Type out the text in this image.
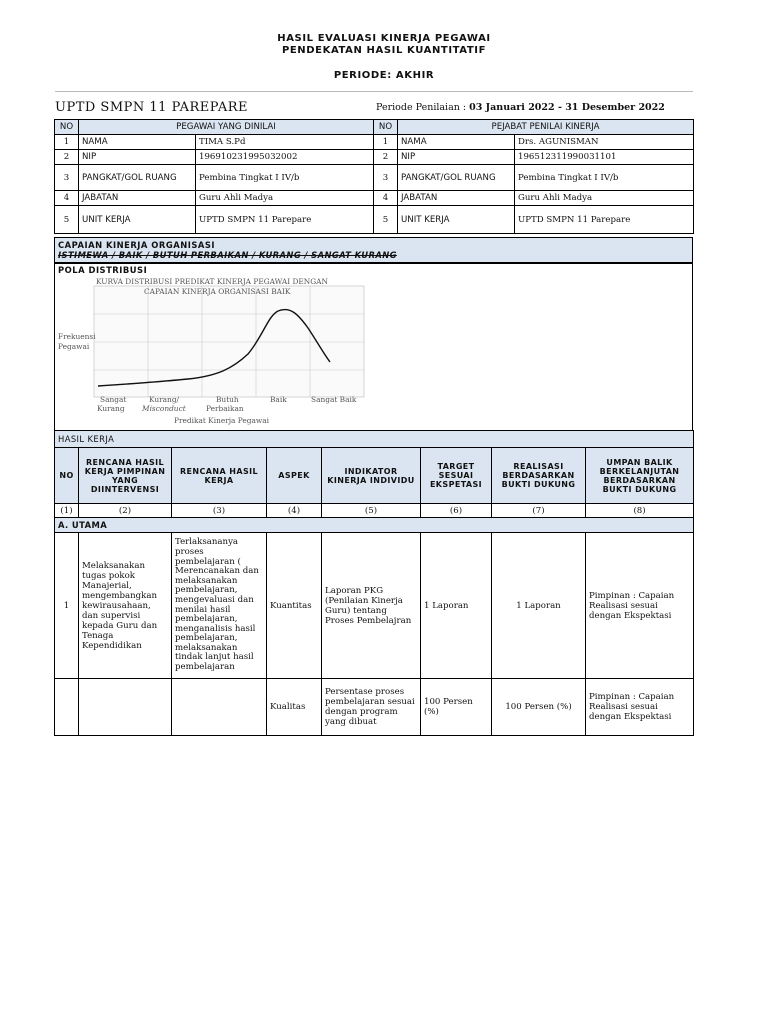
HASIL EVALUASI KINERJA PEGAWAI
PENDEKATAN HASIL KUANTITATIF
PERIODE: AKHIR
UPTD SMPN 11 PAREPARE	Periode Penilaian : 03 Januari 2022 - 31 Desember 2022
NO	PEGAWAI YANG DINILAI		NO	PEJABAT PENILAI KINERJA	
1	NAMA	TIMA S.Pd	1	NAMA	Drs. AGUNISMAN
2	NIP	196910231995032002	2	NIP	196512311990031101
3	PANGKAT/GOL RUANG	Pembina Tingkat I IV/b	3	PANGKAT/GOL RUANG	Pembina Tingkat I IV/b
4	JABATAN	Guru Ahli Madya	4	JABATAN	Guru Ahli Madya
5	UNIT KERJA	UPTD SMPN 11 Parepare	5	UNIT KERJA	UPTD SMPN 11 Parepare
CAPAIAN KINERJA ORGANISASI
ISTIMEWA / BAIK / BUTUH PERBAIKAN / KURANG / SANGAT KURANG
POLA DISTRIBUSI
KURVA DISTRIBUSI PREDIKAT KINERJA PEGAWAI DENGAN
CAPAIAN KINERJA ORGANISASI BAIK
Frekuensi
Pegawai
Sangat
Kurang
Kurang/
Misconduct
Butuh
Perbaikan
Baik	Sangat Baik
Predikat Kinerja Pegawai
HASIL KERJA							
NO	RENCANA HASIL KERJA PIMPINAN YANG DIINTERVENSI	RENCANA HASIL KERJA	ASPEK	INDIKATOR KINERJA INDIVIDU	TARGET SESUAI EKSPETASI	REALISASI BERDASARKAN BUKTI DUKUNG	UMPAN BALIK BERKELANJUTAN BERDASARKAN BUKTI DUKUNG
(1)	(2)	(3)	(4)	(5)	(6)	(7)	(8)
A. UTAMA							
1	Melaksanakan tugas pokok Manajerial, mengembangkan kewirausahaan, dan supervisi kepada Guru dan Tenaga Kependidikan	Terlaksananya proses pembelajaran ( Merencanakan dan melaksanakan pembelajaran, mengevaluasi dan menilai hasil pembelajaran, menganalisis hasil pembelajaran, melaksanakan tindak lanjut hasil pembelajaran	Kuantitas	Laporan PKG (Penilaian Kinerja Guru) tentang Proses Pembelajran	1 Laporan	1 Laporan	Pimpinan : Capaian Realisasi sesuai dengan Ekspektasi
			Kualitas	Persentase proses pembelajaran sesuai dengan program yang dibuat	100 Persen (%)	100 Persen (%)	Pimpinan : Capaian Realisasi sesuai dengan Ekspektasi
